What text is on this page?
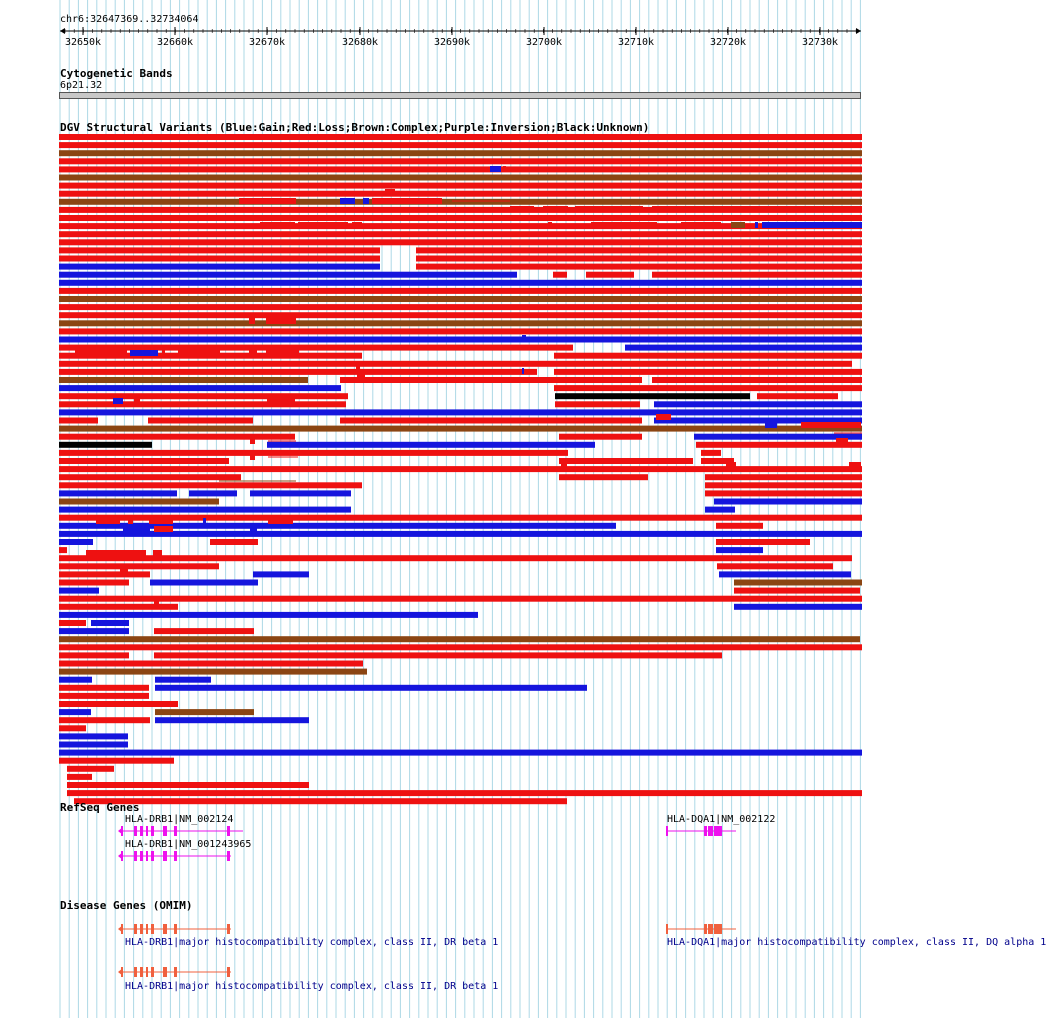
32650k	32660k	32670k	32680k	32690k	32700k	32710k	32720k	32730k
chr6:32647369..32734064
Cytogenetic Bands
6p21.32
DGV Structural Variants (Blue:Gain;Red:Loss;Brown:Complex;Purple:Inversion;Black:Unknown)
RefSeq Genes
HLA-DRB1|NM_002124
HLA-DRB1|NM_001243965
HLA-DQA1|NM_002122
Disease Genes (OMIM)
HLA-DRB1|major histocompatibility complex, class II, DR beta 1	HLA-DQA1|major histocompatibility complex, class II, DQ alpha 1
HLA-DRB1|major histocompatibility complex, class II, DR beta 1
